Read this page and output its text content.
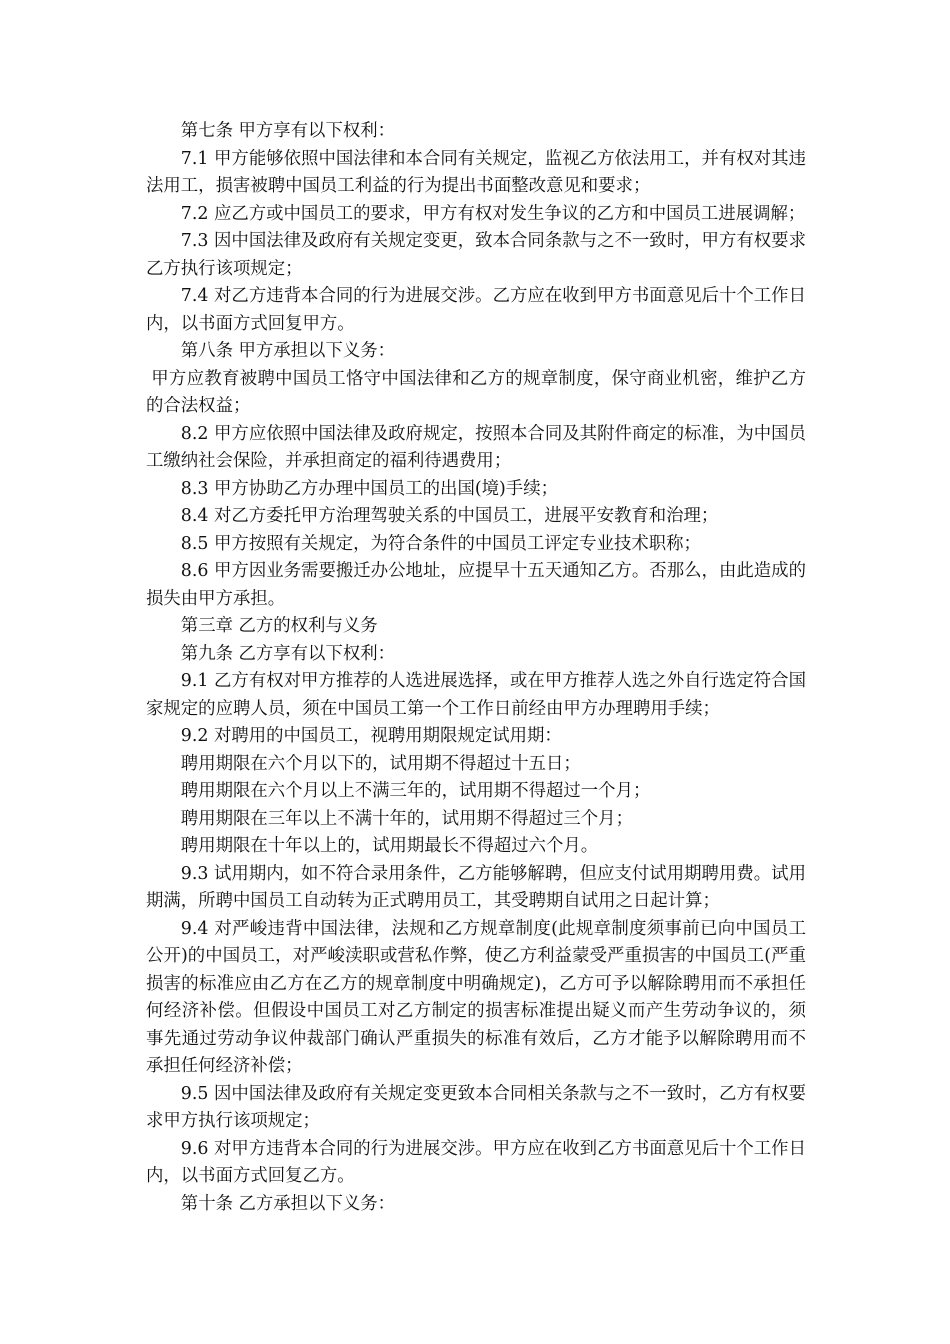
第七条 甲方享有以下权利：

7.1 甲方能够依照中国法律和本合同有关规定，监视乙方依法用工，并有权对其违法用工，损害被聘中国员工利益的行为提出书面整改意见和要求；

7.2 应乙方或中国员工的要求，甲方有权对发生争议的乙方和中国员工进展调解；

7.3 因中国法律及政府有关规定变更，致本合同条款与之不一致时，甲方有权要求乙方执行该项规定；

7.4 对乙方违背本合同的行为进展交涉。乙方应在收到甲方书面意见后十个工作日内，以书面方式回复甲方。

第八条 甲方承担以下义务：

甲方应教育被聘中国员工恪守中国法律和乙方的规章制度，保守商业机密，维护乙方的合法权益；

8.2 甲方应依照中国法律及政府规定，按照本合同及其附件商定的标准，为中国员工缴纳社会保险，并承担商定的福利待遇费用；

8.3 甲方协助乙方办理中国员工的出国(境)手续；

8.4 对乙方委托甲方治理驾驶关系的中国员工，进展平安教育和治理；

8.5 甲方按照有关规定，为符合条件的中国员工评定专业技术职称；

8.6 甲方因业务需要搬迁办公地址，应提早十五天通知乙方。否那么，由此造成的损失由甲方承担。

第三章 乙方的权利与义务

第九条 乙方享有以下权利：

9.1 乙方有权对甲方推荐的人选进展选择，或在甲方推荐人选之外自行选定符合国家规定的应聘人员，须在中国员工第一个工作日前经由甲方办理聘用手续；

9.2 对聘用的中国员工，视聘用期限规定试用期：

聘用期限在六个月以下的，试用期不得超过十五日；

聘用期限在六个月以上不满三年的，试用期不得超过一个月；

聘用期限在三年以上不满十年的，试用期不得超过三个月；

聘用期限在十年以上的，试用期最长不得超过六个月。

9.3 试用期内，如不符合录用条件，乙方能够解聘，但应支付试用期聘用费。试用期满，所聘中国员工自动转为正式聘用员工，其受聘期自试用之日起计算；

9.4 对严峻违背中国法律，法规和乙方规章制度(此规章制度须事前已向中国员工公开)的中国员工，对严峻渎职或营私作弊，使乙方利益蒙受严重损害的中国员工(严重损害的标准应由乙方在乙方的规章制度中明确规定)，乙方可予以解除聘用而不承担任何经济补偿。但假设中国员工对乙方制定的损害标准提出疑义而产生劳动争议的，须事先通过劳动争议仲裁部门确认严重损失的标准有效后，乙方才能予以解除聘用而不承担任何经济补偿；

9.5 因中国法律及政府有关规定变更致本合同相关条款与之不一致时，乙方有权要求甲方执行该项规定；

9.6 对甲方违背本合同的行为进展交涉。甲方应在收到乙方书面意见后十个工作日内，以书面方式回复乙方。

第十条 乙方承担以下义务：
